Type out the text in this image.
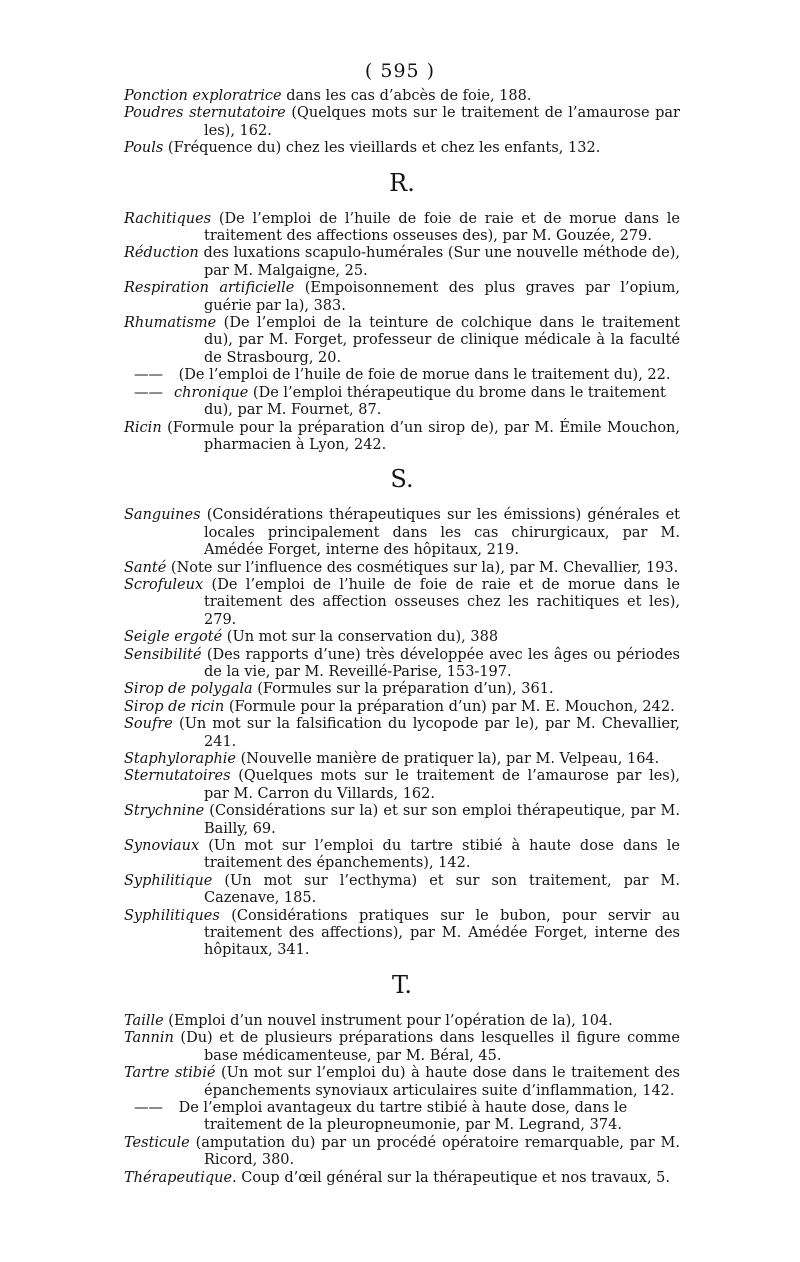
( 595 )
Ponction exploratrice dans les cas d’abcès de foie, 188.
Poudres sternutatoire (Quelques mots sur le traitement de l’amaurose par les), 162.
Pouls (Fréquence du) chez les vieillards et chez les enfants, 132.
R.
Rachitiques (De l’emploi de l’huile de foie de raie et de morue dans le traitement des affections osseuses des), par M. Gouzée, 279.
Réduction des luxations scapulo-humérales (Sur une nouvelle méthode de), par M. Malgaigne, 25.
Respiration artificielle (Empoisonnement des plus graves par l’opium, guérie par la), 383.
Rhumatisme (De l’emploi de la teinture de colchique dans le traitement du), par M. Forget, professeur de clinique médicale à la faculté de Strasbourg, 20.
—— (De l’emploi de l’huile de foie de morue dans le traitement du), 22.
—— chronique (De l’emploi thérapeutique du brome dans le traitement du), par M. Fournet, 87.
Ricin (Formule pour la préparation d’un sirop de), par M. Émile Mouchon, pharmacien à Lyon, 242.
S.
Sanguines (Considérations thérapeutiques sur les émissions) générales et locales principalement dans les cas chirurgicaux, par M. Amédée Forget, interne des hôpitaux, 219.
Santé (Note sur l’influence des cosmétiques sur la), par M. Chevallier, 193.
Scrofuleux (De l’emploi de l’huile de foie de raie et de morue dans le traitement des affection osseuses chez les rachitiques et les), 279.
Seigle ergoté (Un mot sur la conservation du), 388
Sensibilité (Des rapports d’une) très développée avec les âges ou périodes de la vie, par M. Reveillé-Parise, 153-197.
Sirop de polygala (Formules sur la préparation d’un), 361.
Sirop de ricin (Formule pour la préparation d’un) par M. E. Mouchon, 242.
Soufre (Un mot sur la falsification du lycopode par le), par M. Chevallier, 241.
Staphyloraphie (Nouvelle manière de pratiquer la), par M. Velpeau, 164.
Sternutatoires (Quelques mots sur le traitement de l’amaurose par les), par M. Carron du Villards, 162.
Strychnine (Considérations sur la) et sur son emploi thérapeutique, par M. Bailly, 69.
Synoviaux (Un mot sur l’emploi du tartre stibié à haute dose dans le traitement des épanchements), 142.
Syphilitique (Un mot sur l’ecthyma) et sur son traitement, par M. Cazenave, 185.
Syphilitiques (Considérations pratiques sur le bubon, pour servir au traitement des affections), par M. Amédée Forget, interne des hôpitaux, 341.
T.
Taille (Emploi d’un nouvel instrument pour l’opération de la), 104.
Tannin (Du) et de plusieurs préparations dans lesquelles il figure comme base médicamenteuse, par M. Béral, 45.
Tartre stibié (Un mot sur l’emploi du) à haute dose dans le traitement des épanchements synoviaux articulaires suite d’inflammation, 142.
—— De l’emploi avantageux du tartre stibié à haute dose, dans le traitement de la pleuropneumonie, par M. Legrand, 374.
Testicule (amputation du) par un procédé opératoire remarquable, par M. Ricord, 380.
Thérapeutique. Coup d’œil général sur la thérapeutique et nos travaux, 5.
